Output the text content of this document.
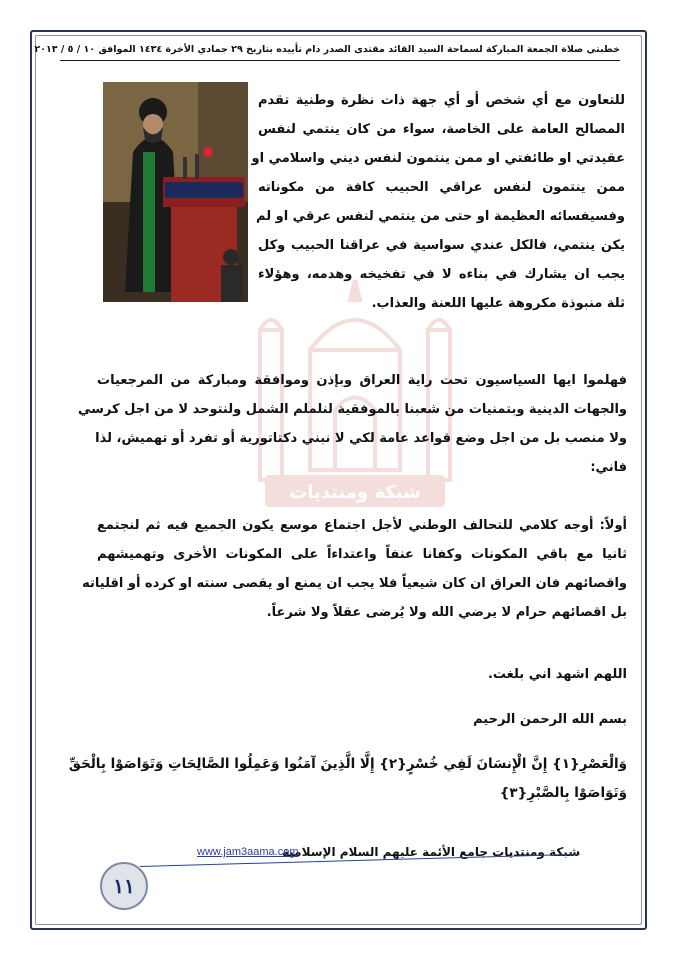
خطبتي صلاة الجمعة المباركة لسماحة السيد القائد مقتدى الصدر دام تأييده بتاريخ ٢٩ جمادي الأخرة ١٤٣٤ الموافق ١٠ / ٥ / ٢٠١٣
شبكة ومنتديات
للتعاون مع أي شخص أو أي جهة ذات نظرة وطنية تقدم
المصالح العامة على الخاصة، سواء من كان ينتمي لنفس
عقيدتي او طائفتي او ممن ينتمون لنفس ديني واسلامي او
ممن ينتمون لنفس عراقي الحبيب كافة من مكوناته
وفسيفسائه العظيمة او حتى من ينتمي لنفس عرقي او لم
يكن ينتمي، فالكل عندي سواسية في عراقنا الحبيب وكل
يجب ان يشارك في بناءه لا في تفخيخه وهدمه، وهؤلاء
ثلة منبوذة مكروهة عليها اللعنة والعذاب.
فهلموا ايها السياسيون تحت راية العراق وبإذن وموافقة ومباركة من المرجعيات
والجهات الدينية وبتمنيات من شعبنا بالموفقية لنلملم الشمل ولنتوحد لا من اجل كرسي
ولا منصب بل من اجل وضع قواعد عامة لكي لا نبني دكتاتورية أو تفرد أو تهميش، لذا
فاني:
أولاً: أوجه كلامي للتحالف الوطني لأجل اجتماع موسع يكون الجميع فيه ثم لنجتمع
ثانيا مع باقي المكونات وكفانا عنفاً واعتداءاً على المكونات الأخرى وتهميشهم
واقصائهم فان العراق ان كان شيعياً فلا يجب ان يمنع او يقصى سنته او كرده أو اقلياته
بل اقصائهم حرام لا يرضي الله ولا يُرضى عقلاً ولا شرعاً.
اللهم اشهد اني بلغت.
بسم الله الرحمن الرحيم
وَالْعَصْرِ{١} إِنَّ الْإِنسَانَ لَفِي خُسْرٍ{٢} إِلَّا الَّذِينَ آمَنُوا وَعَمِلُوا الصَّالِحَاتِ وَتَوَاصَوْا بِالْحَقِّ
وَتَوَاصَوْا بِالصَّبْرِ{٣}
شبكة ومنتديات جامع الأئمة عليهم السلام الإسلامية
www.jam3aama.com
١١
